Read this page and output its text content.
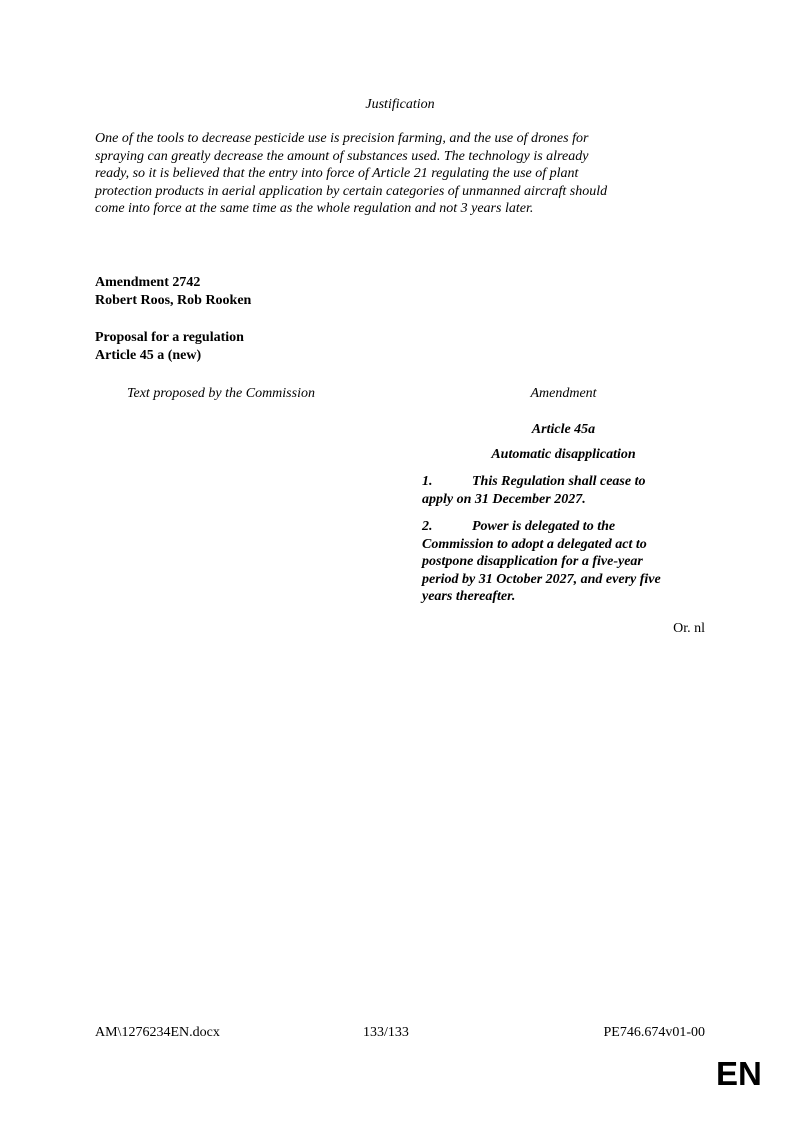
Justification
One of the tools to decrease pesticide use is precision farming, and the use of drones for
spraying can greatly decrease the amount of substances used. The technology is already
ready, so it is believed that the entry into force of Article 21 regulating the use of plant
protection products in aerial application by certain categories of unmanned aircraft should
come into force at the same time as the whole regulation and not 3 years later.
Amendment 2742
Robert Roos, Rob Rooken
Proposal for a regulation
Article 45 a (new)
Text proposed by the Commission	Amendment
Article 45a
Automatic disapplication
1.	This Regulation shall cease to
apply on 31 December 2027.
2.	Power is delegated to the
Commission to adopt a delegated act to
postpone disapplication for a five-year
period by 31 October 2027, and every five
years thereafter.
Or. nl
AM\1276234EN.docx	133/133	PE746.674v01-00
EN
